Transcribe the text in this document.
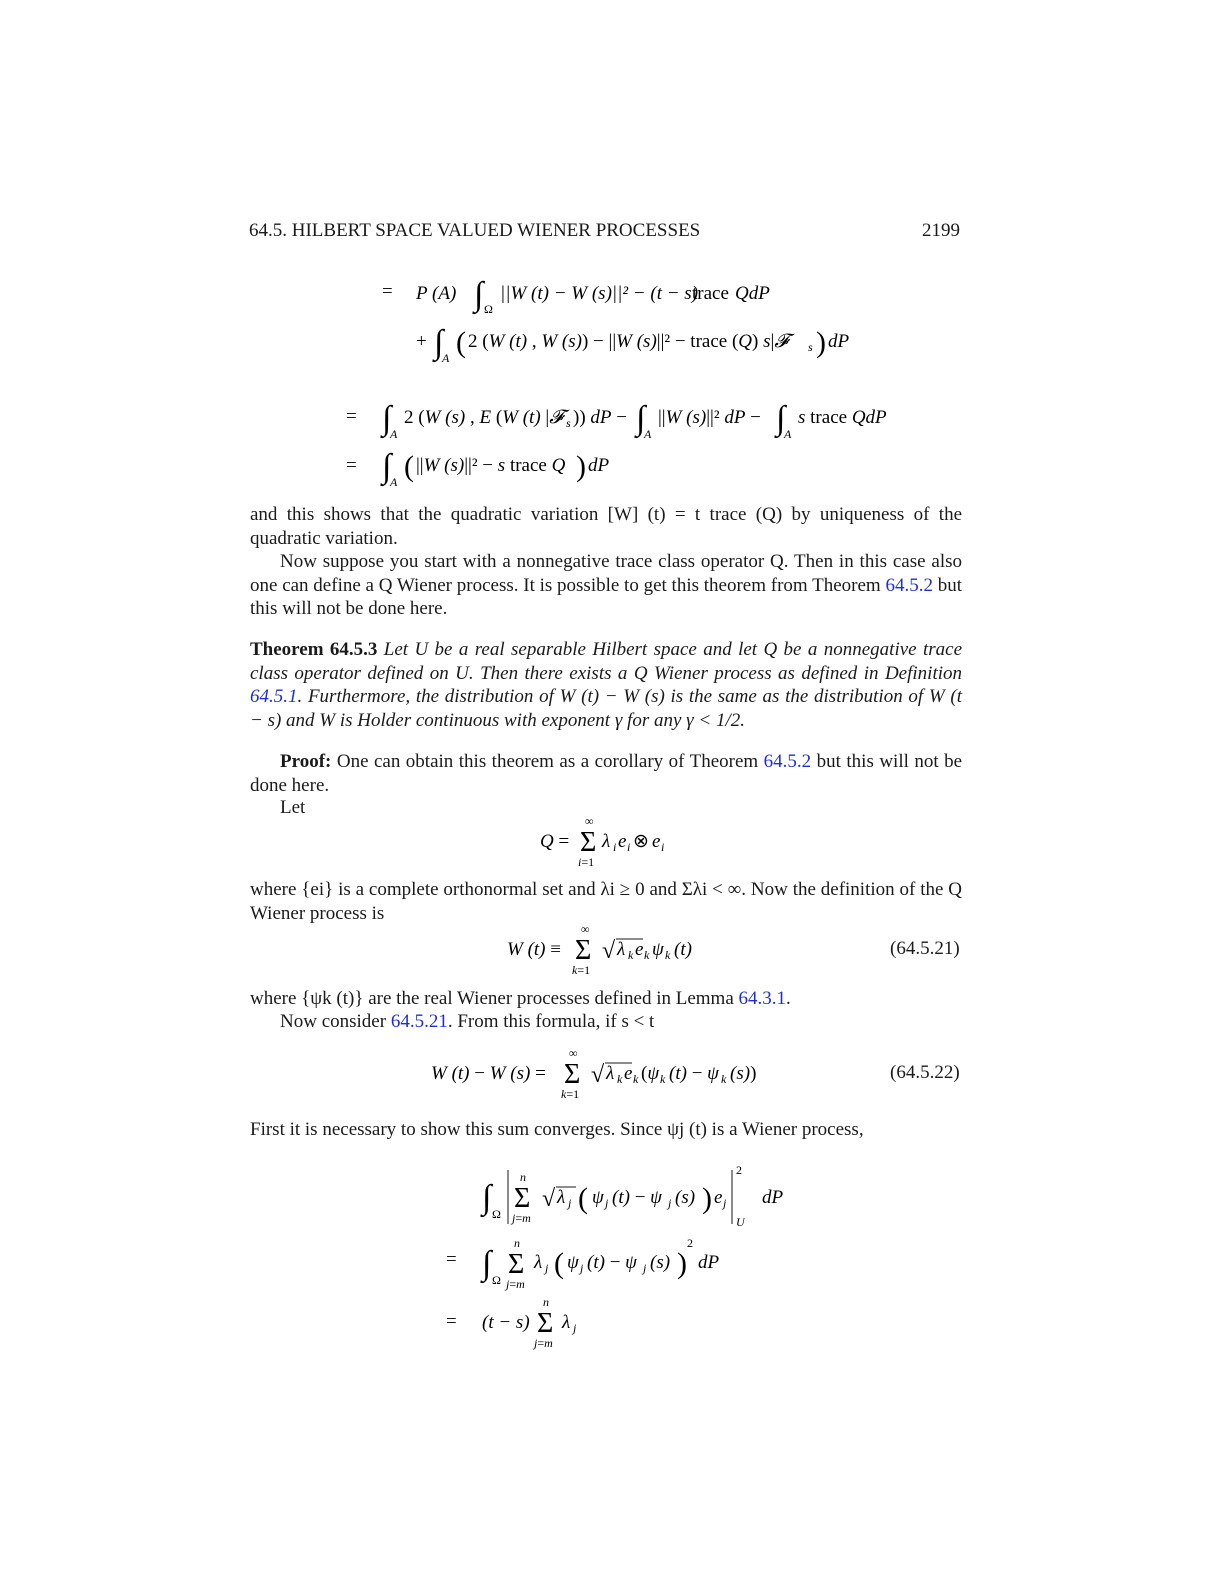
64.5. HILBERT SPACE VALUED WIENER PROCESSES	2199
= P (A) ∫ Ω
||W (t) − W (s)||² − (t − s)
trace QdP
+ ∫
A ( 2 (W (t) , W (s)) − ||W (s)||² − trace (Q) s|𝓕	s ) dP
= ∫
A
2 (W (s) , E (W (t) |𝓕 s )) dP − ∫
A
||W (s)||² dP − ∫
A
s trace QdP
= ∫
A ( ||W (s)||² − s trace Q ) dP
and this shows that the quadratic variation [W] (t) = t trace (Q) by uniqueness of the quadratic variation.
Now suppose you start with a nonnegative trace class operator Q. Then in this case also one can define a Q Wiener process. It is possible to get this theorem from Theorem 64.5.2 but this will not be done here.
Theorem 64.5.3 Let U be a real separable Hilbert space and let Q be a nonnegative trace class operator defined on U. Then there exists a Q Wiener process as defined in Definition 64.5.1. Furthermore, the distribution of W (t) − W (s) is the same as the distribution of W (t − s) and W is Holder continuous with exponent γ for any γ < 1/2.
Proof: One can obtain this theorem as a corollary of Theorem 64.5.2 but this will not be done here.
Let
Q =
∞
Σ
i=1
λ i e i ⊗ e i
where {ei} is a complete orthonormal set and λi ≥ 0 and Σλi < ∞. Now the definition of the Q Wiener process is
W (t) ≡
∞
Σ
k=1
√ λ k e k ψ k (t)	(64.5.21)
where {ψk (t)} are the real Wiener processes defined in Lemma 64.3.1.
Now consider 64.5.21. From this formula, if s < t
W (t) − W (s) =
∞
Σ
k=1
√ λ k e k (ψ k (t) − ψ k (s))	(64.5.22)
First it is necessary to show this sum converges. Since ψj (t) is a Wiener process,
∫ Ω
n
Σ
j=m
√ λ j ( ψ j (t) − ψ j (s) ) e j
2
U
dP
= ∫ Ω
n
Σ
j=m
λ j ( ψ j (t) − ψ j (s) )
2
dP
= (t − s)
n
Σ
j=m
λ j
